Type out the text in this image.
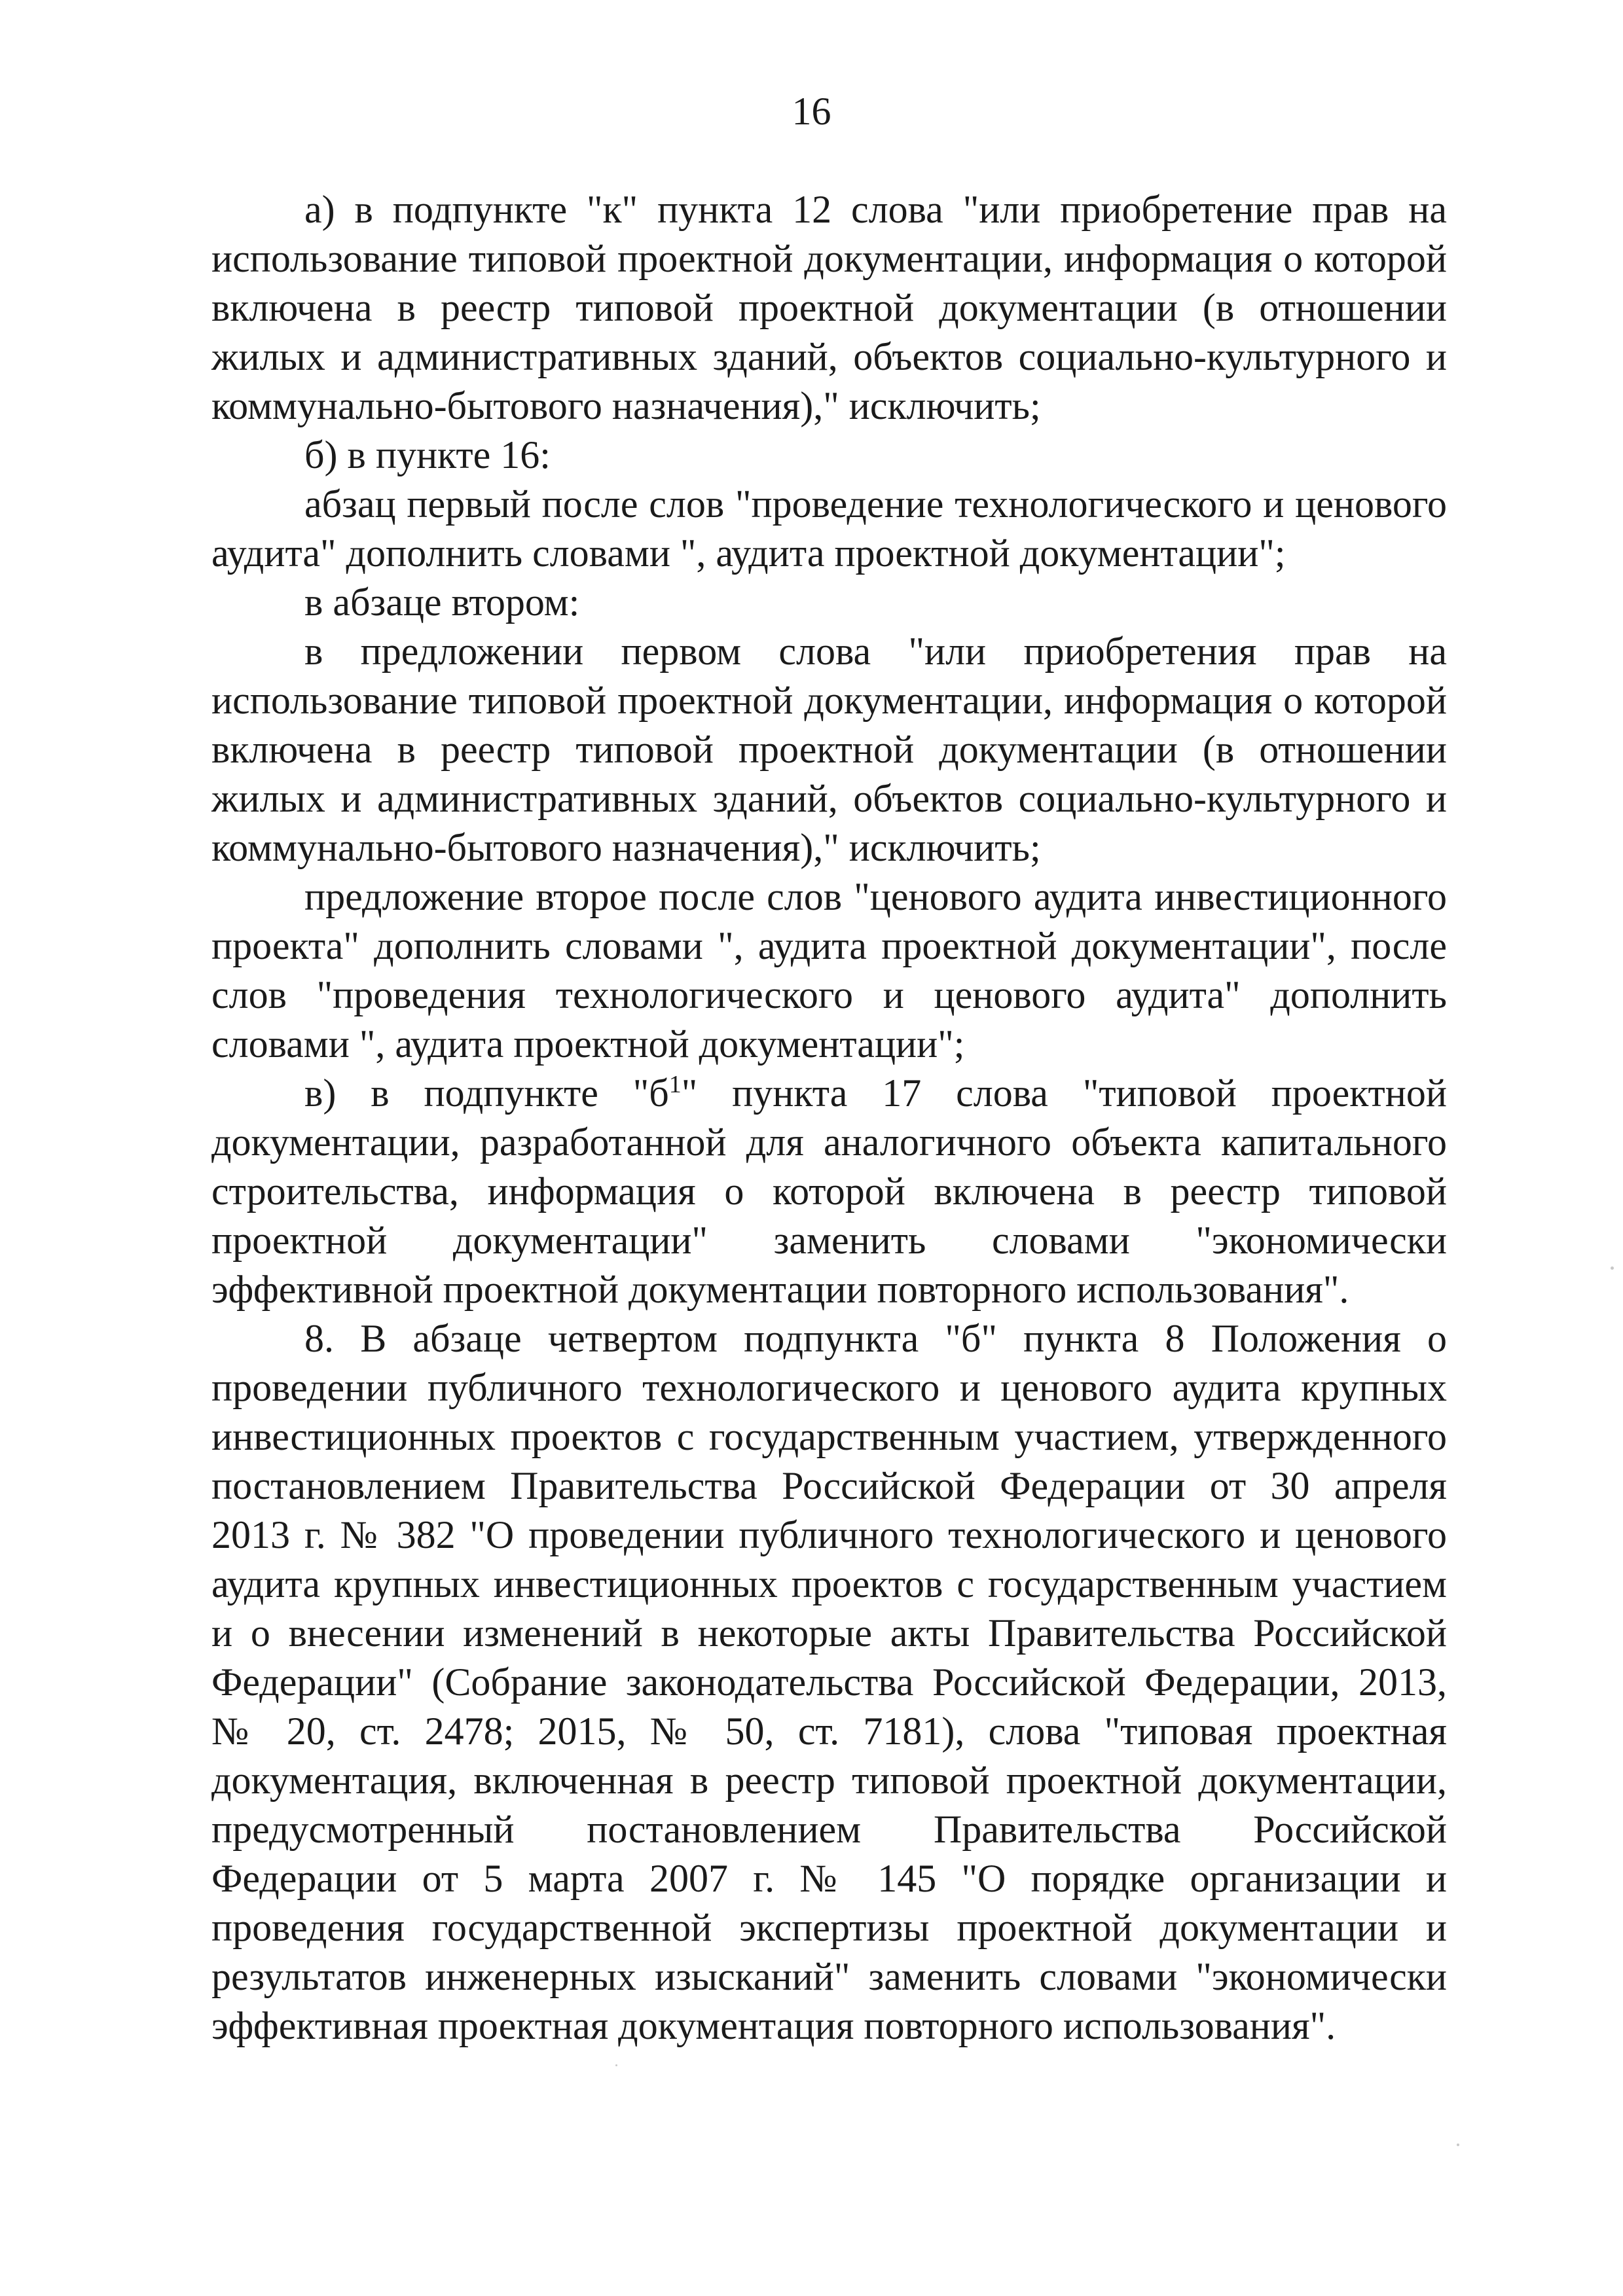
16

а) в подпункте "к" пункта 12 слова "или приобретение прав на использование типовой проектной документации, информация о которой включена в реестр типовой проектной документации (в отношении жилых и административных зданий, объектов социально-культурного и коммунально-бытового назначения)," исключить;

б) в пункте 16:

абзац первый после слов "проведение технологического и ценового аудита" дополнить словами ", аудита проектной документации";

в абзаце втором:

в предложении первом слова "или приобретения прав на использование типовой проектной документации, информация о которой включена в реестр типовой проектной документации (в отношении жилых и административных зданий, объектов социально-культурного и коммунально-бытового назначения)," исключить;

предложение второе после слов "ценового аудита инвестиционного проекта" дополнить словами ", аудита проектной документации", после слов "проведения технологического и ценового аудита" дополнить словами ", аудита проектной документации";

в) в подпункте "$б^1$" пункта 17 слова "типовой проектной документации, разработанной для аналогичного объекта капитального строительства, информация о которой включена в реестр типовой проектной документации" заменить словами "экономически эффективной проектной документации повторного использования".

8. В абзаце четвертом подпункта "б" пункта 8 Положения о проведении публичного технологического и ценового аудита крупных инвестиционных проектов с государственным участием, утвержденного постановлением Правительства Российской Федерации от 30 апреля 2013 г. № 382 "О проведении публичного технологического и ценового аудита крупных инвестиционных проектов с государственным участием и о внесении изменений в некоторые акты Правительства Российской Федерации" (Собрание законодательства Российской Федерации, 2013, № 20, ст. 2478; 2015, № 50, ст. 7181), слова "типовая проектная документация, включенная в реестр типовой проектной документации, предусмотренный постановлением Правительства Российской Федерации от 5 марта 2007 г. № 145 "О порядке организации и проведения государственной экспертизы проектной документации и результатов инженерных изысканий" заменить словами "экономически эффективная проектная документация повторного использования".
